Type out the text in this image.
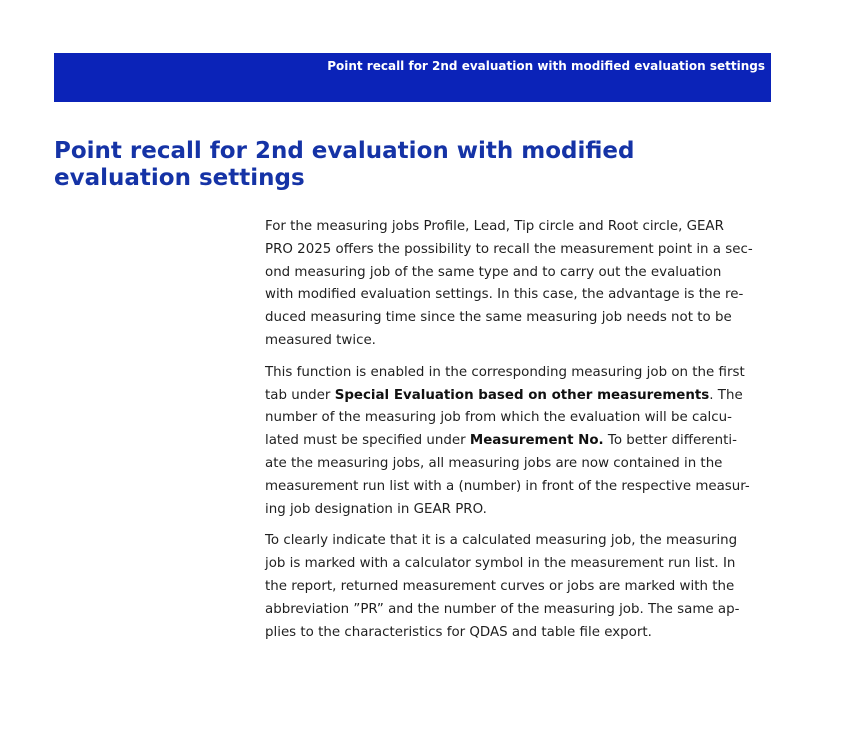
Point recall for 2nd evaluation with modified evaluation settings
Point recall for 2nd evaluation with modified evaluation settings

For the measuring jobs Profile, Lead, Tip circle and Root circle, GEAR
PRO 2025 offers the possibility to recall the measurement point in a sec-
ond measuring job of the same type and to carry out the evaluation
with modified evaluation settings. In this case, the advantage is the re-
duced measuring time since the same measuring job needs not to be
measured twice.

This function is enabled in the corresponding measuring job on the first
tab under Special Evaluation based on other measurements. The
number of the measuring job from which the evaluation will be calcu-
lated must be specified under Measurement No. To better differenti-
ate the measuring jobs, all measuring jobs are now contained in the
measurement run list with a (number) in front of the respective measur-
ing job designation in GEAR PRO.

To clearly indicate that it is a calculated measuring job, the measuring
job is marked with a calculator symbol in the measurement run list. In
the report, returned measurement curves or jobs are marked with the
abbreviation ”PR” and the number of the measuring job. The same ap-
plies to the characteristics for QDAS and table file export.
